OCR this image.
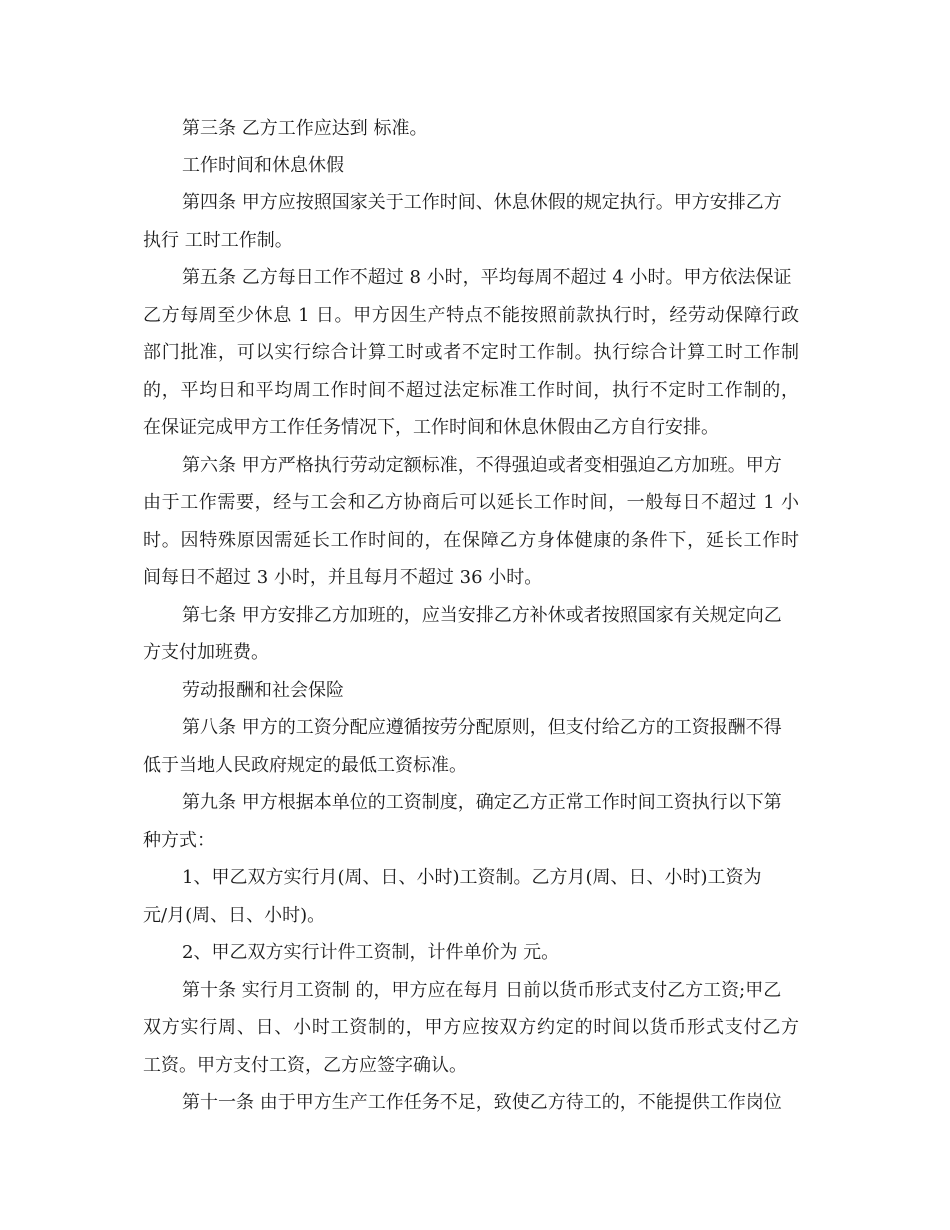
第三条 乙方工作应达到 标准。

工作时间和休息休假

第四条 甲方应按照国家关于工作时间、休息休假的规定执行。甲方安排乙方

执行 工时工作制。

第五条 乙方每日工作不超过 8 小时，平均每周不超过 4 小时。甲方依法保证

乙方每周至少休息 1 日。甲方因生产特点不能按照前款执行时，经劳动保障行政

部门批准，可以实行综合计算工时或者不定时工作制。执行综合计算工时工作制

的，平均日和平均周工作时间不超过法定标准工作时间，执行不定时工作制的，

在保证完成甲方工作任务情况下，工作时间和休息休假由乙方自行安排。

第六条 甲方严格执行劳动定额标准，不得强迫或者变相强迫乙方加班。甲方

由于工作需要，经与工会和乙方协商后可以延长工作时间，一般每日不超过 1 小

时。因特殊原因需延长工作时间的，在保障乙方身体健康的条件下，延长工作时

间每日不超过 3 小时，并且每月不超过 36 小时。

第七条 甲方安排乙方加班的，应当安排乙方补休或者按照国家有关规定向乙

方支付加班费。

劳动报酬和社会保险

第八条 甲方的工资分配应遵循按劳分配原则，但支付给乙方的工资报酬不得

低于当地人民政府规定的最低工资标准。

第九条 甲方根据本单位的工资制度，确定乙方正常工作时间工资执行以下第

种方式：

1、甲乙双方实行月(周、日、小时)工资制。乙方月(周、日、小时)工资为

元/月(周、日、小时)。

2、甲乙双方实行计件工资制，计件单价为 元。

第十条 实行月工资制 的，甲方应在每月 日前以货币形式支付乙方工资;甲乙

双方实行周、日、小时工资制的，甲方应按双方约定的时间以货币形式支付乙方

工资。甲方支付工资，乙方应签字确认。

第十一条 由于甲方生产工作任务不足，致使乙方待工的，不能提供工作岗位
